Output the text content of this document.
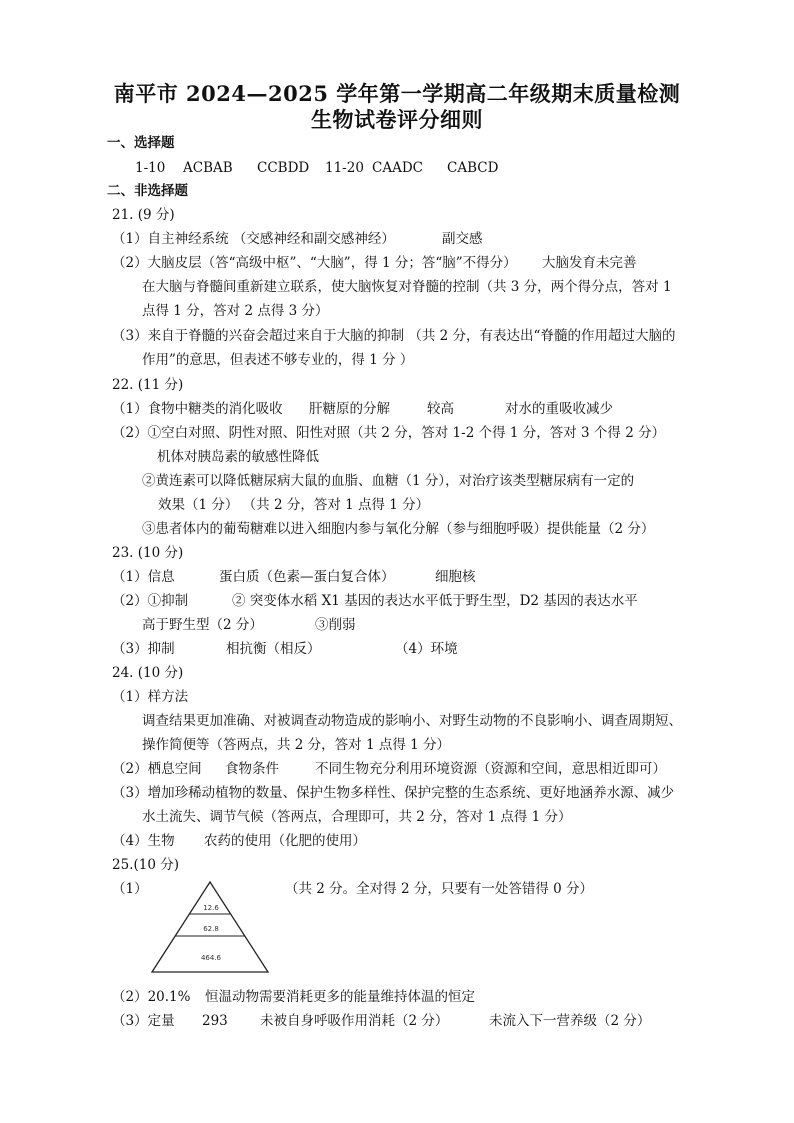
南平市 2024—2025 学年第一学期高二年级期末质量检测
生物试卷评分细则
一、选择题
1-10 ACBAB CCBDD 11-20 CAADC CABCD
二、非选择题
21. (9 分)
（1）自主神经系统 （交感神经和副交感神经）	副交感
（2）大脑皮层（答“高级中枢”、“大脑”，得 1 分；答“脑”不得分） 大脑发育未完善
在大脑与脊髓间重新建立联系，使大脑恢复对脊髓的控制（共 3 分，两个得分点，答对 1
点得 1 分，答对 2 点得 3 分）
（3）来自于脊髓的兴奋会超过来自于大脑的抑制 （共 2 分，有表达出“脊髓的作用超过大脑的
作用”的意思，但表述不够专业的，得 1 分 ）
22. (11 分)
（1）食物中糖类的消化吸收 肝糖原的分解	较高	对水的重吸收减少
（2）①空白对照、阴性对照、阳性对照（共 2 分，答对 1-2 个得 1 分，答对 3 个得 2 分）
机体对胰岛素的敏感性降低
②黄连素可以降低糖尿病大鼠的血脂、血糖（1 分），对治疗该类型糖尿病有一定的
效果（1 分） （共 2 分，答对 1 点得 1 分）
③患者体内的葡萄糖难以进入细胞内参与氧化分解（参与细胞呼吸）提供能量（2 分）
23. (10 分)
（1）信息	蛋白质（色素—蛋白复合体）	细胞核
（2）①抑制	② 突变体水稻 X1 基因的表达水平低于野生型，D2 基因的表达水平
高于野生型（2 分）	③削弱
（3）抑制	相抗衡（相反）	（4）环境
24. (10 分)
（1）样方法
调查结果更加准确、对被调查动物造成的影响小、对野生动物的不良影响小、调查周期短、
操作简便等（答两点，共 2 分，答对 1 点得 1 分）
（2）栖息空间 食物条件	不同生物充分利用环境资源（资源和空间，意思相近即可）
（3）增加珍稀动植物的数量、保护生物多样性、保护完整的生态系统、更好地涵养水源、减少
水土流失、调节气候（答两点，合理即可，共 2 分，答对 1 点得 1 分）
（4）生物 农药的使用（化肥的使用）
25.(10 分)
（1）	（共 2 分。全对得 2 分，只要有一处答错得 0 分）
12.6
62.8
464.6
（2）20.1% 恒温动物需要消耗更多的能量维持体温的恒定
（3）定量 293 未被自身呼吸作用消耗（2 分）	未流入下一营养级（2 分）
